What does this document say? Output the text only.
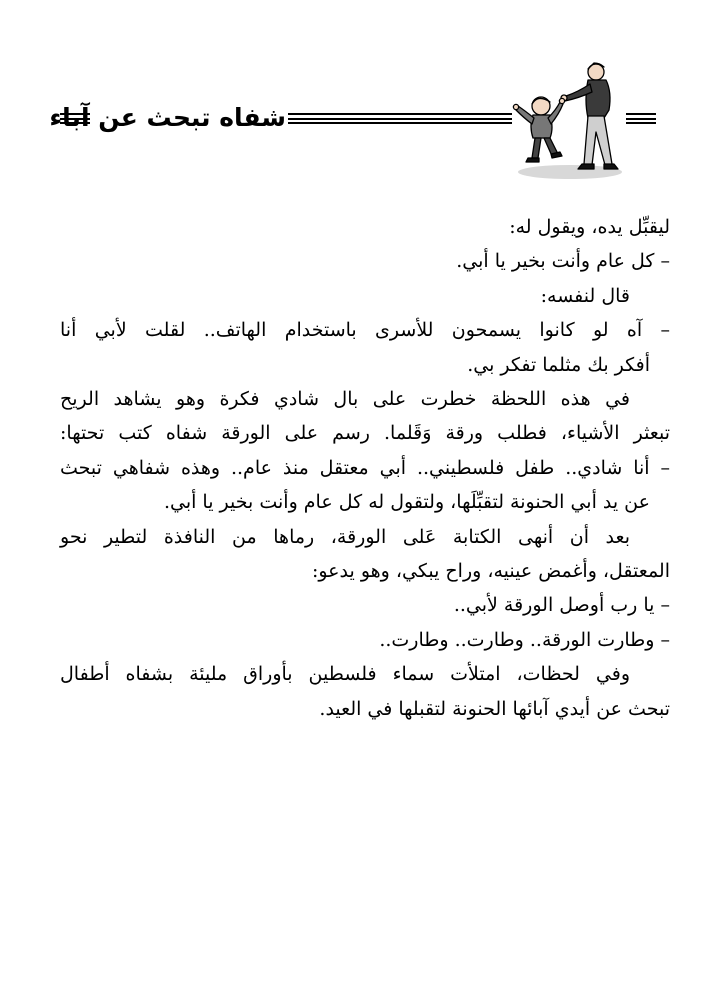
شفاه تبحث عن آباء
ليقبِّل يده، ويقول له:
– كل عام وأنت بخير يا أبي.
قال لنفسه:
– آه لو كانوا يسمحون للأسرى باستخدام الهاتف.. لقلت لأبي أنا
أفكر بك مثلما تفكر بي.
في هذه اللحظة خطرت على بال شادي فكرة وهو يشاهد الريح
تبعثر الأشياء، فطلب ورقة وَقَلما. رسم على الورقة شفاه كتب تحتها:
– أنا شادي.. طفل فلسطيني.. أبي معتقل منذ عام.. وهذه شفاهي تبحث
عن يد أبي الحنونة لتقبِّلَها، ولتقول له كل عام وأنت بخير يا أبي.
بعد أن أنهى الكتابة عَلى الورقة، رماها من النافذة لتطير نحو
المعتقل، وأغمض عينيه، وراح يبكي، وهو يدعو:
– يا رب أوصل الورقة لأبي..
– وطارت الورقة.. وطارت.. وطارت..
وفي لحظات، امتلأت سماء فلسطين بأوراق مليئة بشفاه أطفال
تبحث عن أيدي آبائها الحنونة لتقبلها في العيد.
